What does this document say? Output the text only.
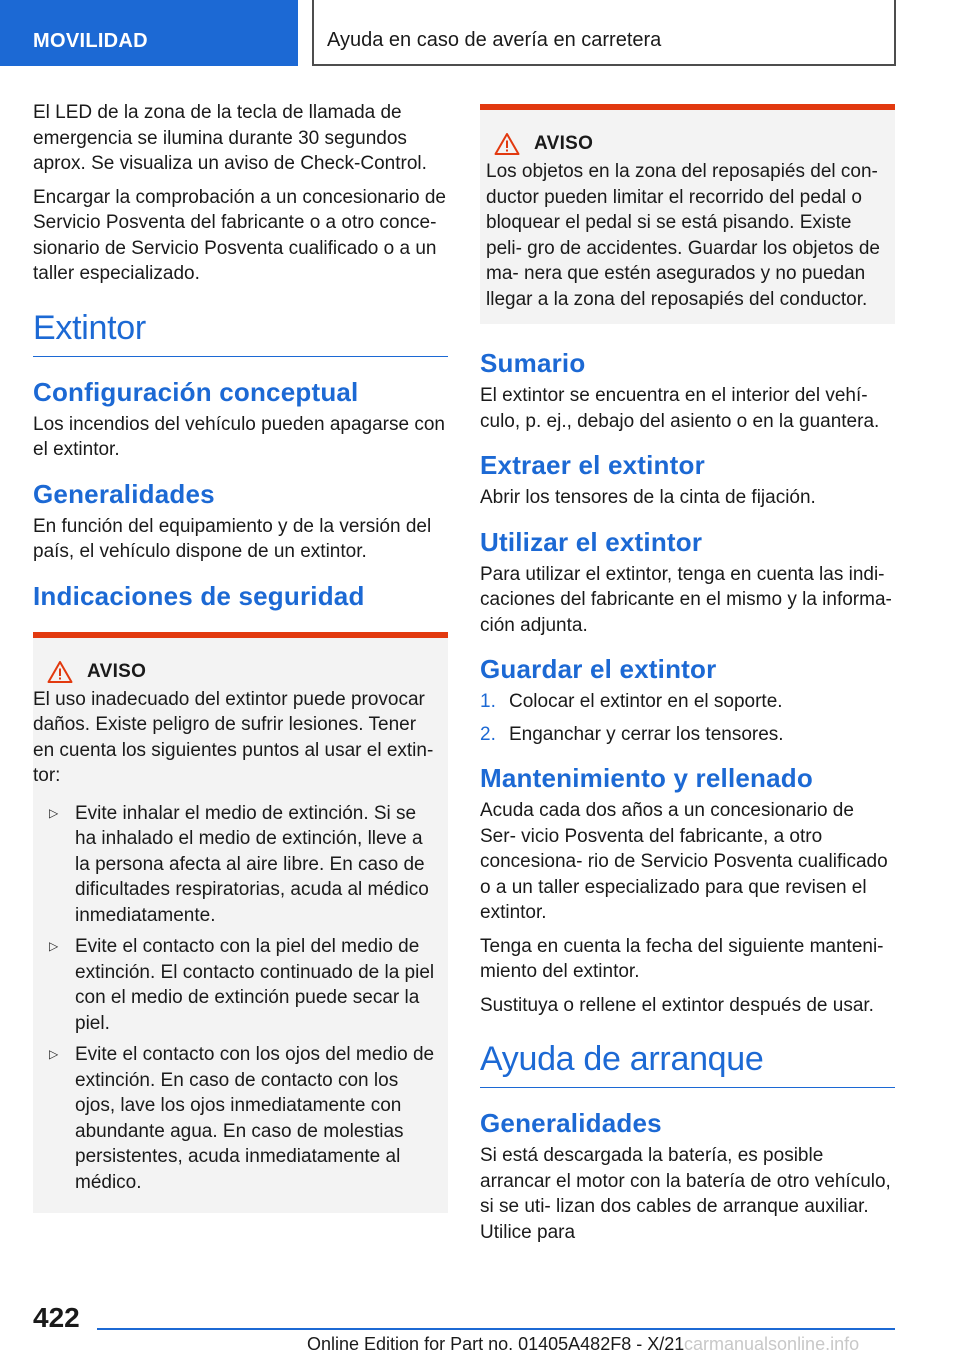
MOVILIDAD	Ayuda en caso de avería en carretera

El LED de la zona de la tecla de llamada de emergencia se ilumina durante 30 segundos aprox. Se visualiza un aviso de Check-Control.

Encargar la comprobación a un concesionario de Servicio Posventa del fabricante o a otro conce‐ sionario de Servicio Posventa cualificado o a un taller especializado.

Extintor
Configuración conceptual

Los incendios del vehículo pueden apagarse con el extintor.

Generalidades

En función del equipamiento y de la versión del país, el vehículo dispone de un extintor.

Indicaciones de seguridad
AVISO
El uso inadecuado del extintor puede provocar daños. Existe peligro de sufrir lesiones. Tener en cuenta los siguientes puntos al usar el extin‐ tor:
▷ Evite inhalar el medio de extinción. Si se ha inhalado el medio de extinción, lleve a la persona afecta al aire libre. En caso de dificultades respiratorias, acuda al médico inmediatamente.
▷ Evite el contacto con la piel del medio de extinción. El contacto continuado de la piel con el medio de extinción puede secar la piel.
▷ Evite el contacto con los ojos del medio de extinción. En caso de contacto con los ojos, lave los ojos inmediatamente con abundante agua. En caso de molestias persistentes, acuda inmediatamente al médico.
AVISO
Los objetos en la zona del reposapiés del con‐ ductor pueden limitar el recorrido del pedal o bloquear el pedal si se está pisando. Existe peli‐ gro de accidentes. Guardar los objetos de ma‐ nera que estén asegurados y no puedan llegar a la zona del reposapiés del conductor.
Sumario

El extintor se encuentra en el interior del vehí‐ culo, p. ej., debajo del asiento o en la guantera.

Extraer el extintor

Abrir los tensores de la cinta de fijación.

Utilizar el extintor

Para utilizar el extintor, tenga en cuenta las indi‐ caciones del fabricante en el mismo y la informa‐ ción adjunta.

Guardar el extintor
1. Colocar el extintor en el soporte.
2. Enganchar y cerrar los tensores.
Mantenimiento y rellenado

Acuda cada dos años a un concesionario de Ser‐ vicio Posventa del fabricante, a otro concesiona‐ rio de Servicio Posventa cualificado o a un taller especializado para que revisen el extintor.

Tenga en cuenta la fecha del siguiente manteni‐ miento del extintor.

Sustituya o rellene el extintor después de usar.

Ayuda de arranque
Generalidades

Si está descargada la batería, es posible arrancar el motor con la batería de otro vehículo, si se uti‐ lizan dos cables de arranque auxiliar. Utilice para

422
Online Edition for Part no. 01405A482F8 - X/21 carmanualsonline.info
